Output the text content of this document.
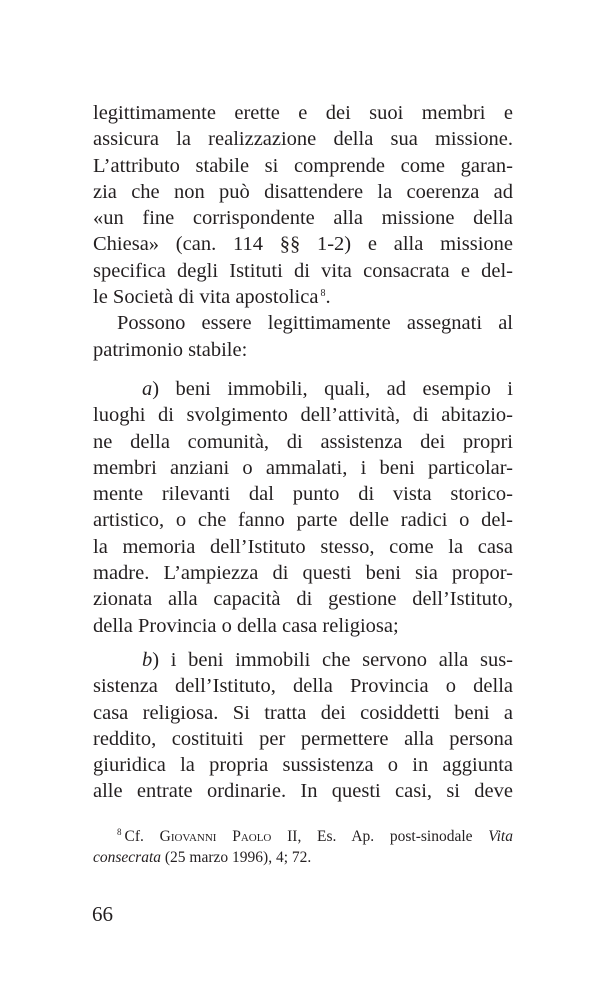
legittimamente erette e dei suoi membri e
assicura la realizzazione della sua missione.
L’attributo stabile si comprende come garan-
zia che non può disattendere la coerenza ad
«un fine corrispondente alla missione della
Chiesa» (can. 114 §§ 1-2) e alla missione
specifica degli Istituti di vita consacrata e del-
le Società di vita apostolica $^8$.
Possono essere legittimamente assegnati al
patrimonio stabile:
a) beni immobili, quali, ad esempio i
luoghi di svolgimento dell’attività, di abitazio-
ne della comunità, di assistenza dei propri
membri anziani o ammalati, i beni particolar-
mente rilevanti dal punto di vista storico-
artistico, o che fanno parte delle radici o del-
la memoria dell’Istituto stesso, come la casa
madre. L’ampiezza di questi beni sia propor-
zionata alla capacità di gestione dell’Istituto,
della Provincia o della casa religiosa;
b) i beni immobili che servono alla sus-
sistenza dell’Istituto, della Provincia o della
casa religiosa. Si tratta dei cosiddetti beni a
reddito, costituiti per permettere alla persona
giuridica la propria sussistenza o in aggiunta
alle entrate ordinarie. In questi casi, si deve
$^8$ Cf. Giovanni Paolo II, Es. Ap. post-sinodale Vita
consecrata (25 marzo 1996), 4; 72.
66
